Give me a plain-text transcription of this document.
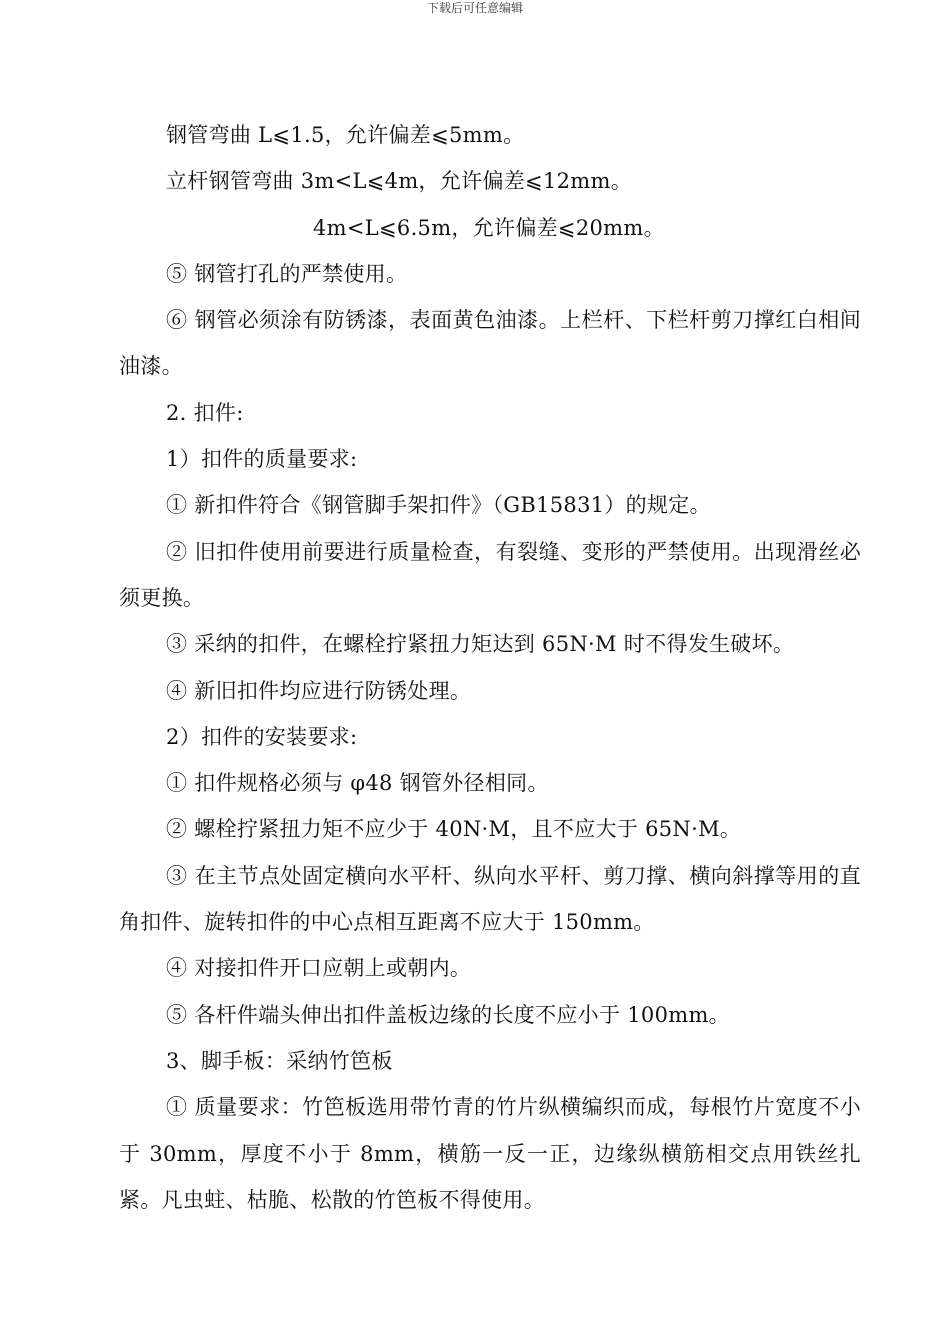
下载后可任意编辑

钢管弯曲 L⩽1.5，允许偏差⩽5mm。

立杆钢管弯曲 3m<L⩽4m，允许偏差⩽12mm。

4m<L⩽6.5m，允许偏差⩽20mm。

⑤ 钢管打孔的严禁使用。

⑥ 钢管必须涂有防锈漆，表面黄色油漆。上栏杆、下栏杆剪刀撑红白相间油漆。

2. 扣件:

1）扣件的质量要求:

① 新扣件符合《钢管脚手架扣件》（GB15831）的规定。

② 旧扣件使用前要进行质量检查，有裂缝、变形的严禁使用。出现滑丝必须更换。

③ 采纳的扣件，在螺栓拧紧扭力矩达到 65N·M 时不得发生破坏。

④ 新旧扣件均应进行防锈处理。

2）扣件的安装要求:

① 扣件规格必须与 φ48 钢管外径相同。

② 螺栓拧紧扭力矩不应少于 40N·M，且不应大于 65N·M。

③ 在主节点处固定横向水平杆、纵向水平杆、剪刀撑、横向斜撑等用的直角扣件、旋转扣件的中心点相互距离不应大于 150mm。

④ 对接扣件开口应朝上或朝内。

⑤ 各杆件端头伸出扣件盖板边缘的长度不应小于 100mm。

3、脚手板：采纳竹笆板

① 质量要求：竹笆板选用带竹青的竹片纵横编织而成，每根竹片宽度不小于 30mm，厚度不小于 8mm，横筋一反一正，边缘纵横筋相交点用铁丝扎紧。凡虫蛀、枯脆、松散的竹笆板不得使用。
